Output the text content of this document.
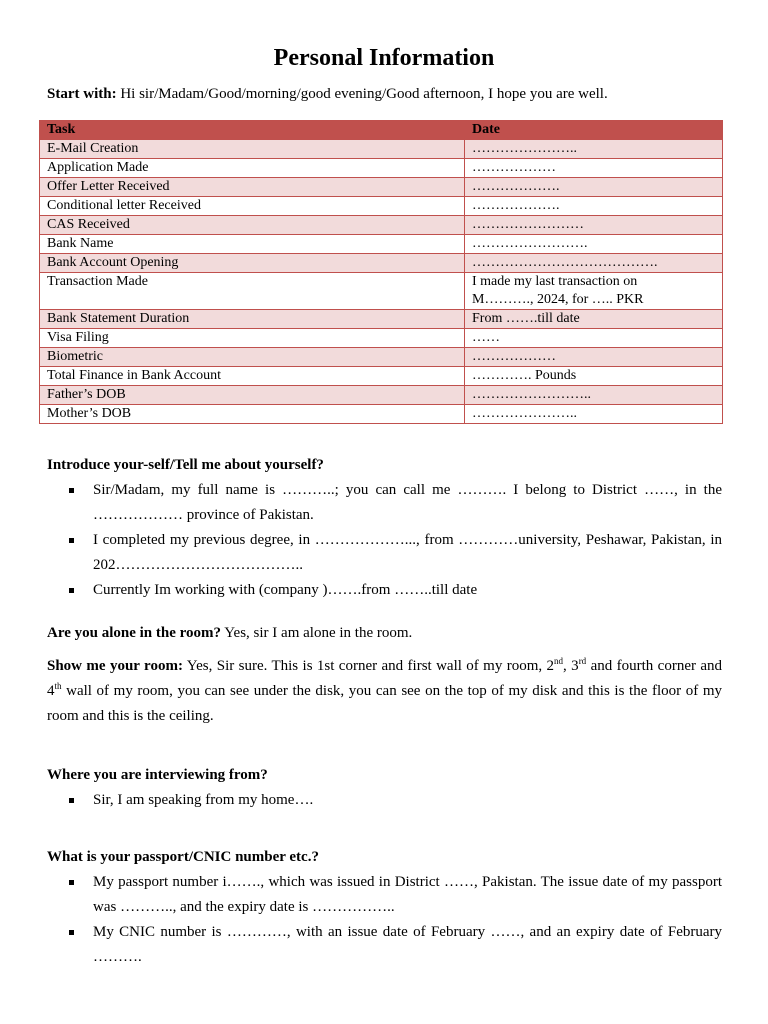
Personal Information
Start with: Hi sir/Madam/Good/morning/good evening/Good afternoon, I hope you are well.
Task	Date
E-Mail Creation	…………………..
Application Made	………………
Offer Letter Received	……………….
Conditional letter Received	……………….
CAS Received	……………………
Bank Name	…………………….
Bank Account Opening	………………………………….
Transaction Made	I made my last transaction on
M………., 2024, for ….. PKR

Bank Statement Duration	From …….till date
Visa Filing	……
Biometric	………………
Total Finance in Bank Account	…………. Pounds
Father’s DOB	……………………..
Mother’s DOB	…………………..
Introduce your-self/Tell me about yourself?
Sir/Madam, my full name is ………..; you can call me ………. I belong to District ……, in the ……………… province of Pakistan.
I completed my previous degree, in ………………..., from …………university, Peshawar, Pakistan, in 202………………………………..
Currently Im working with (company )…….from ……..till date
Are you alone in the room? Yes, sir I am alone in the room.
Show me your room: Yes, Sir sure. This is 1st corner and first wall of my room, 2nd, 3rd and fourth corner and 4th wall of my room, you can see under the disk, you can see on the top of my disk and this is the floor of my room and this is the ceiling.
Where you are interviewing from?
Sir, I am speaking from my home….
What is your passport/CNIC number etc.?
My passport number i……., which was issued in District ……, Pakistan. The issue date of my passport was ……….., and the expiry date is ……………..
My CNIC number is …………, with an issue date of February ……, and an expiry date of February ……….
